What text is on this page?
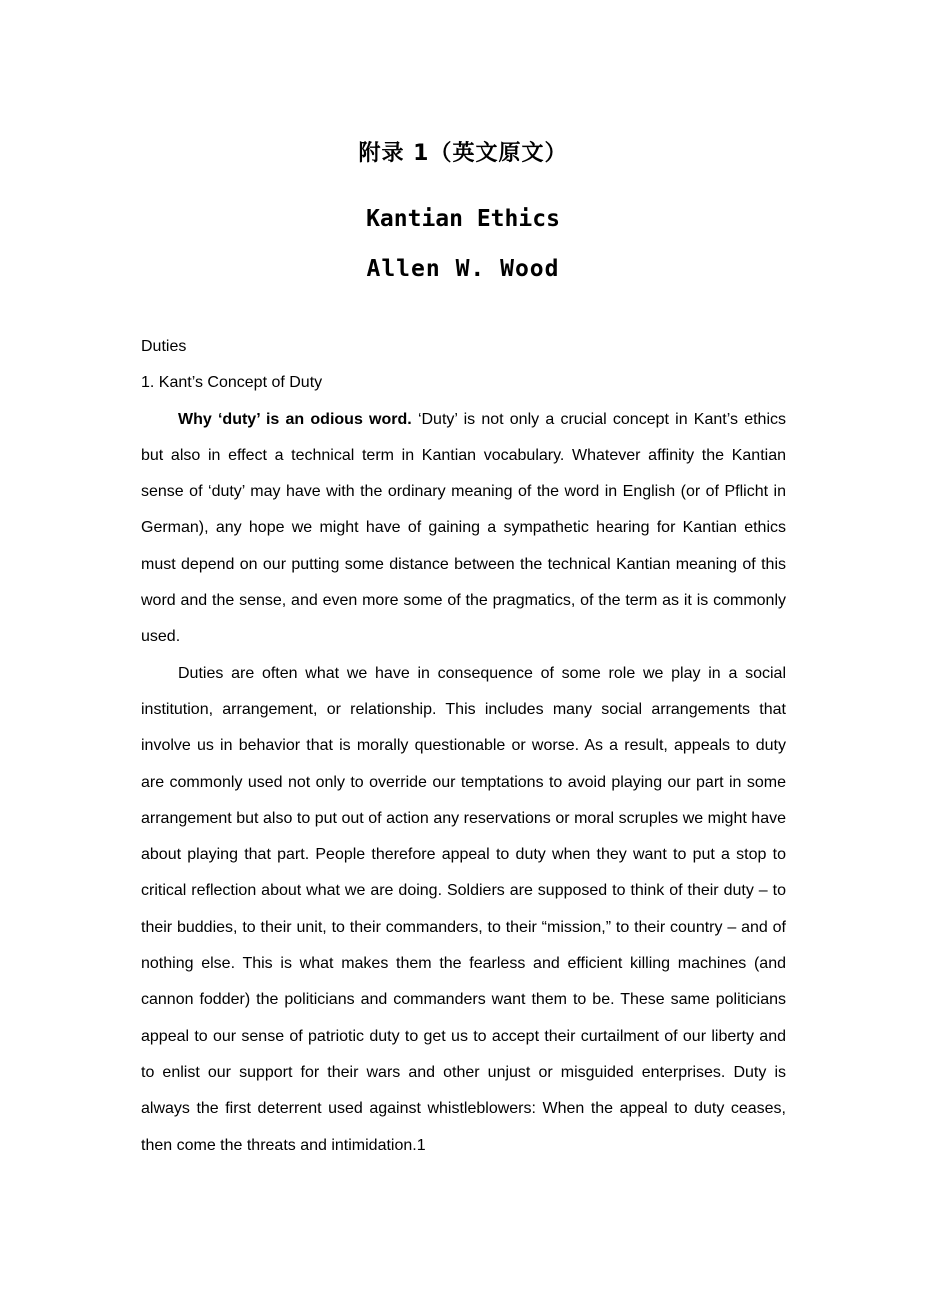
附录 1（英文原文）
Kantian Ethics
Allen W. Wood

Duties

1. Kant’s Concept of Duty

Why ‘duty’ is an odious word. ‘Duty’ is not only a crucial concept in Kant’s ethics but also in effect a technical term in Kantian vocabulary. Whatever affinity the Kantian sense of ‘duty’ may have with the ordinary meaning of the word in English (or of Pflicht in German), any hope we might have of gaining a sympathetic hearing for Kantian ethics must depend on our putting some distance between the technical Kantian meaning of this word and the sense, and even more some of the pragmatics, of the term as it is commonly used.

Duties are often what we have in consequence of some role we play in a social institution, arrangement, or relationship. This includes many social arrangements that involve us in behavior that is morally questionable or worse. As a result, appeals to duty are commonly used not only to override our temptations to avoid playing our part in some arrangement but also to put out of action any reservations or moral scruples we might have about playing that part. People therefore appeal to duty when they want to put a stop to critical reflection about what we are doing. Soldiers are supposed to think of their duty – to their buddies, to their unit, to their commanders, to their “mission,” to their country – and of nothing else. This is what makes them the fearless and efficient killing machines (and cannon fodder) the politicians and commanders want them to be. These same politicians appeal to our sense of patriotic duty to get us to accept their curtailment of our liberty and to enlist our support for their wars and other unjust or misguided enterprises. Duty is always the first deterrent used against whistleblowers: When the appeal to duty ceases, then come the threats and intimidation.1
